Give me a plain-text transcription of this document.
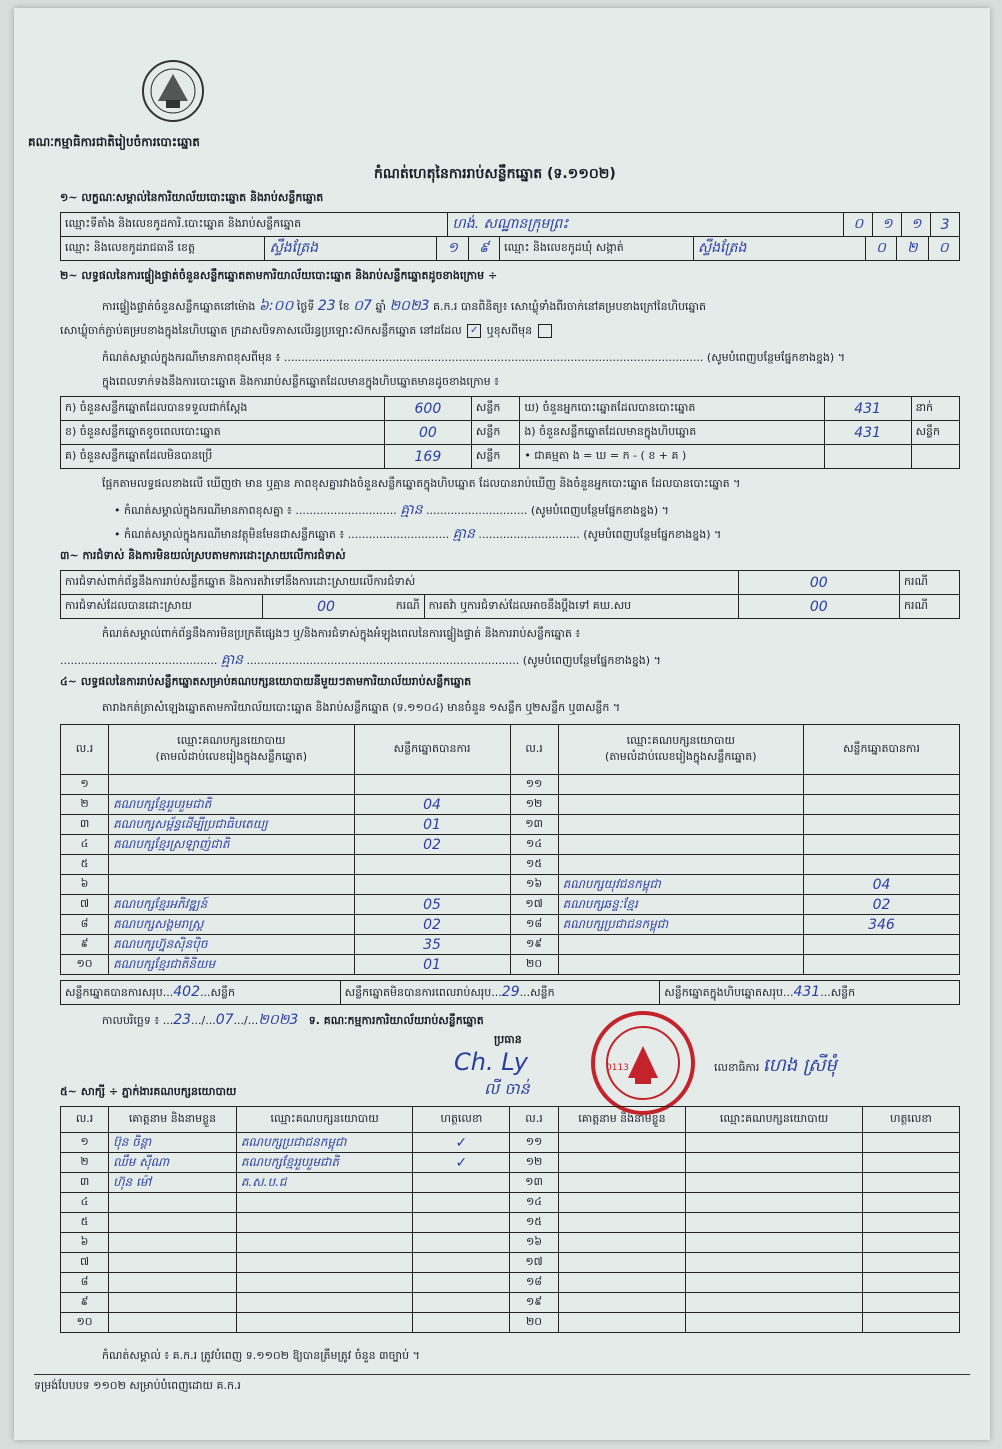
គណៈកម្មាធិការជាតិរៀបចំការបោះឆ្នោត
កំណត់ហេតុនៃការរាប់សន្លឹកឆ្នោត (ទ.១១០២)
១~ លក្ខណៈសម្គាល់នៃការិយាល័យបោះឆ្នោត និងរាប់សន្លឹកឆ្នោត
ឈ្មោះទីតាំង និងលេខកូដការិ.បោះឆ្នោត និងរាប់សន្លឹកឆ្នោត	ហង់. សណ្ឋានក្រុមព្រះ	០	១	១	3
ឈ្មោះ និងលេខកូដរាជធានី ខេត្ត	ស្ទឹងត្រែង	១	៩	ឈ្មោះ និងលេខកូដឃុំ សង្កាត់	ស្ទឹងត្រែង	០	២	០
២~ លទ្ធផលនៃការផ្ទៀងផ្ទាត់ចំនួនសន្លឹកឆ្នោតតាមការិយាល័យបោះឆ្នោត និងរាប់សន្លឹកឆ្នោតដូចខាងក្រោម ÷
ការផ្ទៀងផ្ទាត់ចំនួនសន្លឹកឆ្នោតនៅម៉ោង ៦:០០ ថ្ងៃទី 23 ខែ ០7 ឆ្នាំ ២០២3 គ.ក.រ បានពិនិត្យ៖ សោឃ្លុំទាំងពីរចាក់នៅគម្របខាងក្រៅនៃហិបឆ្នោត
សោឃ្លុំចាក់ភ្ជាប់គម្របខាងក្នុងនៃហិបឆ្នោត ក្រដាសបិទភាសលើរន្ធប្រឡោះស៊កសន្លឹកឆ្នោត នៅដដែល ✓ ឬខុសពីមុន
កំណត់សម្គាល់ក្នុងករណីមានភាពខុសពីមុន ៖ ........................................................................................................................ (សូមបំពេញបន្ថែមផ្នែកខាងខ្នង) ។
ក្នុងពេលទាក់ទងនឹងការបោះឆ្នោត និងការរាប់សន្លឹកឆ្នោតដែលមានក្នុងហិបឆ្នោតមានដូចខាងក្រោម ៖
ក) ចំនួនសន្លឹកឆ្នោតដែលបានទទួលជាក់ស្ដែង	600	សន្លឹក	ឃ) ចំនួនអ្នកបោះឆ្នោតដែលបានបោះឆ្នោត	431	នាក់
ខ) ចំនួនសន្លឹកឆ្នោតខូចពេលបោះឆ្នោត	00	សន្លឹក	ង) ចំនួនសន្លឹកឆ្នោតដែលមានក្នុងហិបឆ្នោត	431	សន្លឹក
គ) ចំនួនសន្លឹកឆ្នោតដែលមិនបានប្រើ	169	សន្លឹក	• ជាគម្មតា ង = ឃ = ក - ( ខ + គ )		
ផ្អែកតាមលទ្ធផលខាងលើ ឃើញថា មាន ឬគ្មាន ភាពខុសគ្នារវាងចំនួនសន្លឹកឆ្នោតក្នុងហិបឆ្នោត ដែលបានរាប់ឃើញ និងចំនួនអ្នកបោះឆ្នោត ដែលបានបោះឆ្នោត ។
• កំណត់សម្គាល់ក្នុងករណីមានភាពខុសគ្នា ៖ ............................. គ្មាន ............................. (សូមបំពេញបន្ថែមផ្នែកខាងខ្នង) ។
• កំណត់សម្គាល់ក្នុងករណីមានវត្ថុមិនមែនជាសន្លឹកឆ្នោត ៖ ............................. គ្មាន ............................. (សូមបំពេញបន្ថែមផ្នែកខាងខ្នង) ។
៣~ ការជំទាស់ និងការមិនយល់ស្របតាមការដោះស្រាយលើការជំទាស់
ការជំទាស់ពាក់ព័ន្ធនឹងការរាប់សន្លឹកឆ្នោត និងការតវ៉ាទៅនឹងការដោះស្រាយលើការជំទាស់			00	ករណី
ការជំទាស់ដែលបានដោះស្រាយ	00 ករណី	ការតវ៉ា ឬការជំទាស់ដែលអាចនឹងប្ដឹងទៅ គឃ.សប	00	ករណី
កំណត់សម្គាល់ពាក់ព័ន្ធនឹងការមិនប្រក្រតីផ្សេងៗ ឬ/និងការជំទាស់ក្នុងអំឡុងពេលនៃការផ្ទៀងផ្ទាត់ និងការរាប់សន្លឹកឆ្នោត ៖
............................................. គ្មាន .............................................................................. (សូមបំពេញបន្ថែមផ្នែកខាងខ្នង) ។
៤~ លទ្ធផលនៃការរាប់សន្លឹកឆ្នោតសម្រាប់គណបក្សនយោបាយនីមួយៗតាមការិយាល័យរាប់សន្លឹកឆ្នោត
តារាងកត់ត្រាសំឡេងឆ្នោតតាមការិយាល័យបោះឆ្នោត និងរាប់សន្លឹកឆ្នោត (ទ.១១០៤) មានចំនួន ១សន្លឹក ឬ២សន្លឹក ឬ៣សន្លឹក ។
ល.រ	ឈ្មោះគណបក្សនយោបាយ
(តាមលំដាប់លេខរៀងក្នុងសន្លឹកឆ្នោត)	សន្លឹកឆ្នោតបានការ	ល.រ	ឈ្មោះគណបក្សនយោបាយ
(តាមលំដាប់លេខរៀងក្នុងសន្លឹកឆ្នោត)	សន្លឹកឆ្នោតបានការ
១			១១		
២	គណបក្សខ្មែររួបរួមជាតិ	04	១២		
៣	គណបក្សសម្ព័ន្ធដើម្បីប្រជាធិបតេយ្យ	01	១៣		
៤	គណបក្សខ្មែរស្រឡាញ់ជាតិ	02	១៤		
៥			១៥		
៦			១៦	គណបក្សយុវជនកម្ពុជា	04
៧	គណបក្សខ្មែរអភិវឌ្ឍន៍	05	១៧	គណបក្សឆន្ទៈខ្មែរ	02
៨	គណបក្សសង្គមរាស្ត្រ	02	១៨	គណបក្សប្រជាជនកម្ពុជា	346
៩	គណបក្សហ្វ៊ុនស៊ិនប៉ិច	35	១៩		
១០	គណបក្សខ្មែរជាតិនិយម	01	២០		
សន្លឹកឆ្នោតបានការសរុប...402...សន្លឹក	សន្លឹកឆ្នោតមិនបានការពេលរាប់សរុប...29...សន្លឹក	សន្លឹកឆ្នោតក្នុងហិបឆ្នោតសរុប...431...សន្លឹក
កាលបរិច្ឆេទ ៖ ...23.../...07.../...២០២3 ទ. គណៈកម្មការការិយាល័យរាប់សន្លឹកឆ្នោត
ប្រធាន
Ch. Ly
លី ចាន់
0113	លេខាធិការ ហេង ស្រីមុំ
៥~ សាក្សី ÷ ភ្នាក់ងារគណបក្សនយោបាយ
ល.រ	គោត្តនាម និងនាមខ្លួន	ឈ្មោះគណបក្សនយោបាយ	ហត្ថលេខា	ល.រ	គោត្តនាម និងនាមខ្លួន	ឈ្មោះគណបក្សនយោបាយ	ហត្ថលេខា
១	ប៊ុន ចិន្តា	គណបក្សប្រជាជនកម្ពុជា	✓	១១			
២	ឈឹម ស៊ីណា	គណបក្សខ្មែររួបរួមជាតិ	✓	១២			
៣	ហ៊ុន ម៉ៅ	គ.ស.ប.ជ		១៣			
៤				១៤			
៥				១៥			
៦				១៦			
៧				១៧			
៨				១៨			
៩				១៩			
១០				២០			
កំណត់សម្គាល់ ៖ គ.ក.រ ត្រូវបំពេញ ទ.១១០២ ឱ្យបានត្រឹមត្រូវ ចំនួន ៣ច្បាប់ ។
ទម្រង់បែបបទ ១១០២ សម្រាប់បំពេញដោយ គ.ក.រ
